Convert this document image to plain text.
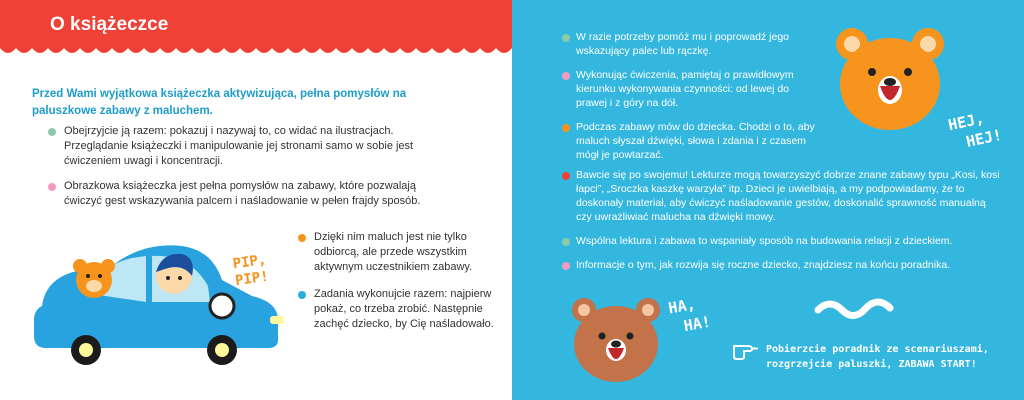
O książeczce
Przed Wami wyjątkowa książeczka aktywizująca, pełna pomysłów na paluszkowe zabawy z maluchem.
Obejrzyjcie ją razem: pokazuj i nazywaj to, co widać na ilustracjach. Przeglądanie książeczki i manipulowanie jej stronami samo w sobie jest ćwiczeniem uwagi i koncentracji.
Obrazkowa książeczka jest pełna pomysłów na zabawy, które pozwalają ćwiczyć gest wskazywania palcem i naśladowanie w pełen frajdy sposób.
PIP,
PIP!
Dzięki nim maluch jest nie tylko odbiorcą, ale przede wszystkim aktywnym uczestnikiem zabawy.
Zadania wykonujcie razem: najpierw pokaż, co trzeba zrobić. Następnie zachęć dziecko, by Cię naśladowało.
W razie potrzeby pomóż mu i poprowadź jego wskazujący palec lub rączkę.
Wykonując ćwiczenia, pamiętaj o prawidłowym kierunku wykonywania czynności: od lewej do prawej i z góry na dół.
Podczas zabawy mów do dziecka. Chodzi o to, aby maluch słyszał dźwięki, słowa i zdania i z czasem mógł je powtarzać.
Bawcie się po swojemu! Lekturze mogą towarzyszyć dobrze znane zabawy typu „Kosi, kosi łapci”, „Sroczka kaszkę warzyła” itp. Dzieci je uwielbiają, a my podpowiadamy, że to doskonały materiał, aby ćwiczyć naśladowanie gestów, doskonalić sprawność manualną czy uwrażliwiać malucha na dźwięki mowy.
Wspólna lektura i zabawa to wspaniały sposób na budowania relacji z dzieckiem.
Informacje o tym, jak rozwija się roczne dziecko, znajdziesz na końcu poradnika.
HEJ,
HEJ!
HA,
HA!
Pobierzcie poradnik ze scenariuszami,
rozgrzejcie paluszki, ZABAWA START!
